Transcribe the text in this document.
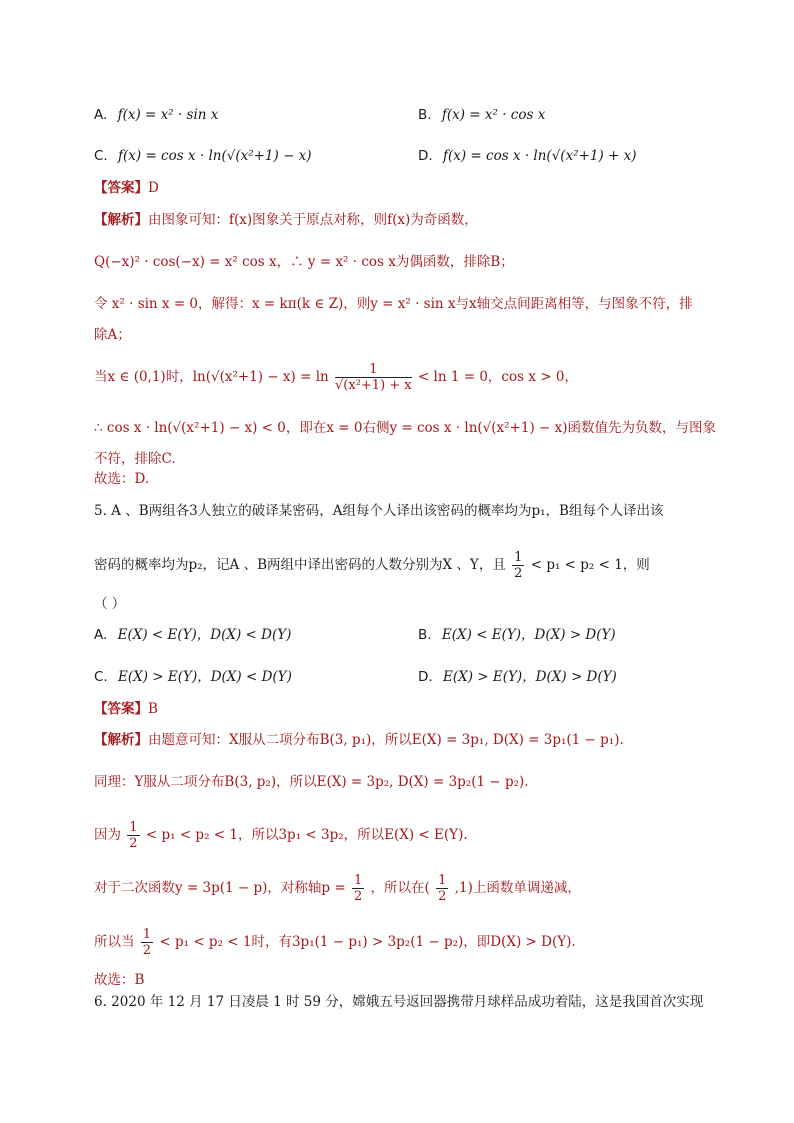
A. f(x) = x² · sin x	B. f(x) = x² · cos x
C. f(x) = cos x · ln(√(x²+1) − x)	D. f(x) = cos x · ln(√(x²+1) + x)
【答案】D
【解析】由图象可知：f(x)图象关于原点对称，则f(x)为奇函数，
Q(−x)² · cos(−x) = x² cos x，∴ y = x² · cos x为偶函数，排除B；
令 x² · sin x = 0，解得：x = kπ(k ∈ Z)，则y = x² · sin x与x轴交点间距离相等，与图象不符，排
除A；
当x ∈ (0,1)时，$\ln(√(x^2+1) - x) = \ln \frac{1}{\text{√(x²+1) + x}} < \ln 1 = 0$，cos x > 0，
∴ cos x · ln(√(x²+1) − x) < 0，即在x = 0右侧y = cos x · ln(√(x²+1) − x)函数值先为负数，与图象
不符，排除C.
故选：D.
5. A 、B两组各3人独立的破译某密码，A组每个人译出该密码的概率均为p₁，B组每个人译出该
密码的概率均为p₂，记A 、B两组中译出密码的人数分别为X 、Y，且 $\frac{1}{2} < p_1 < p_2 < 1$，则
（ ）
A. E(X) < E(Y)，D(X) < D(Y)	B. E(X) < E(Y)，D(X) > D(Y)
C. E(X) > E(Y)，D(X) < D(Y)	D. E(X) > E(Y)，D(X) > D(Y)
【答案】B
【解析】由题意可知：X服从二项分布B(3, p₁)，所以E(X) = 3p₁, D(X) = 3p₁(1 − p₁).
同理：Y服从二项分布B(3, p₂)，所以E(X) = 3p₂, D(X) = 3p₂(1 − p₂).
因为 $\frac{1}{2} < p_1 < p_2 < 1$，所以3p₁ < 3p₂，所以E(X) < E(Y).
对于二次函数y = 3p(1 − p)，对称轴$p = \frac{1}{2}$ ，所以在( $\frac{1}{2} ,1$)上函数单调递减，
所以当 $\frac{1}{2} < p_1 < p_2 < 1$时，有3p₁(1 − p₁) > 3p₂(1 − p₂)，即D(X) > D(Y).
故选：B
6. 2020 年 12 月 17 日凌晨 1 时 59 分，嫦娥五号返回器携带月球样品成功着陆，这是我国首次实现
